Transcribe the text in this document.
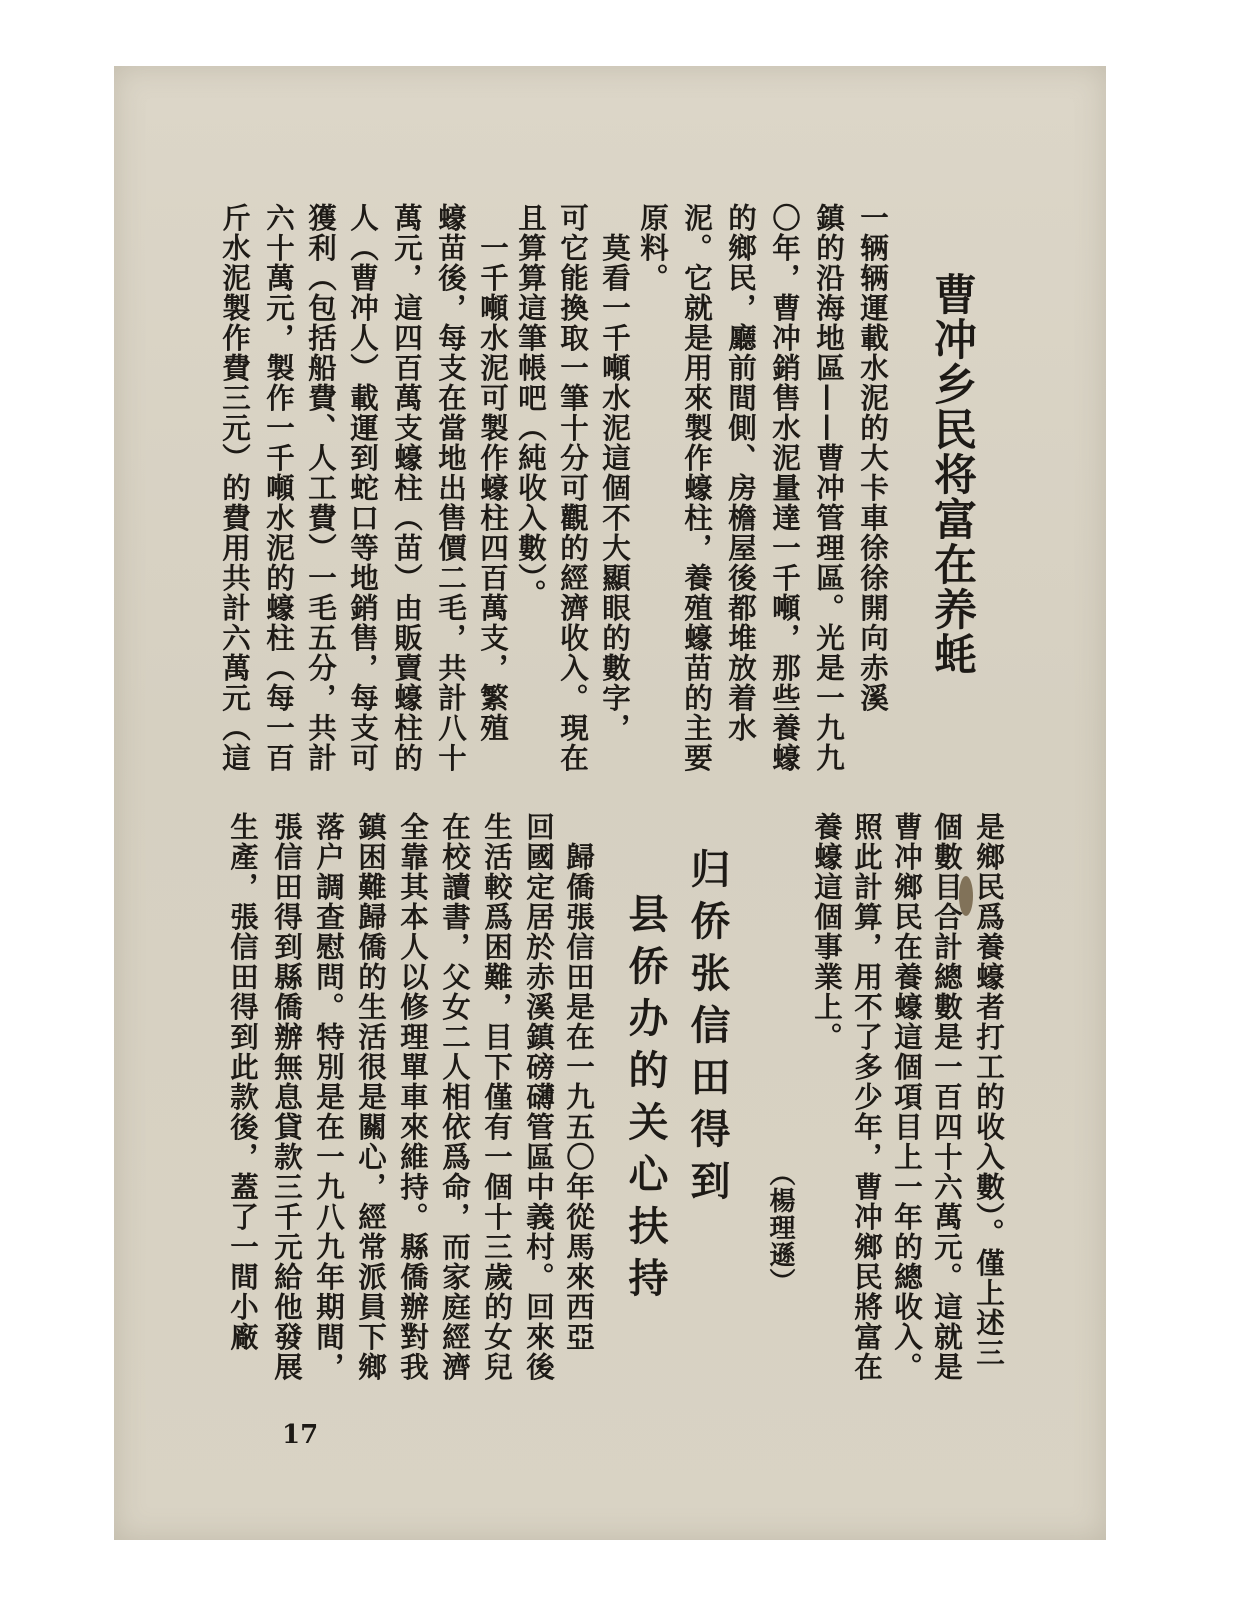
曹冲乡民将富在养蚝
一辆辆運載水泥的大卡車徐徐開向赤溪
鎮的沿海地區——曹冲管理區。光是一九九
〇年，曹冲銷售水泥量達一千噸，那些養蠔
的鄉民，廳前間側、房檐屋後都堆放着水
泥。它就是用來製作蠔柱，養殖蠔苗的主要
原料。
　莫看一千噸水泥這個不大顯眼的數字，
可它能換取一筆十分可觀的經濟收入。現在
且算算這筆帳吧（純收入數）。
　一千噸水泥可製作蠔柱四百萬支，繁殖
蠔苗後，每支在當地出售價二毛，共計八十
萬元，這四百萬支蠔柱（苗）由販賣蠔柱的
人（曹冲人）載運到蛇口等地銷售，每支可
獲利（包括船費、人工費）一毛五分，共計
六十萬元，製作一千噸水泥的蠔柱（每一百
斤水泥製作費三元）的費用共計六萬元（這
是鄉民爲養蠔者打工的收入數）。僅上述三
個數目合計總數是一百四十六萬元。這就是
曹冲鄉民在養蠔這個項目上一年的總收入。
照此計算，用不了多少年，曹冲鄉民將富在
養蠔這個事業上。
（楊理遜）
归侨张信田得到
县侨办的关心扶持
　歸僑張信田是在一九五〇年從馬來西亞
回國定居於赤溪鎮磅礴管區中義村。回來後
生活較爲困難，目下僅有一個十三歲的女兒
在校讀書，父女二人相依爲命，而家庭經濟
全靠其本人以修理單車來維持。縣僑辦對我
鎮困難歸僑的生活很是關心，經常派員下鄉
落户調查慰問。特別是在一九八九年期間，
張信田得到縣僑辦無息貸款三千元給他發展
生產，張信田得到此款後，蓋了一間小廠
17
